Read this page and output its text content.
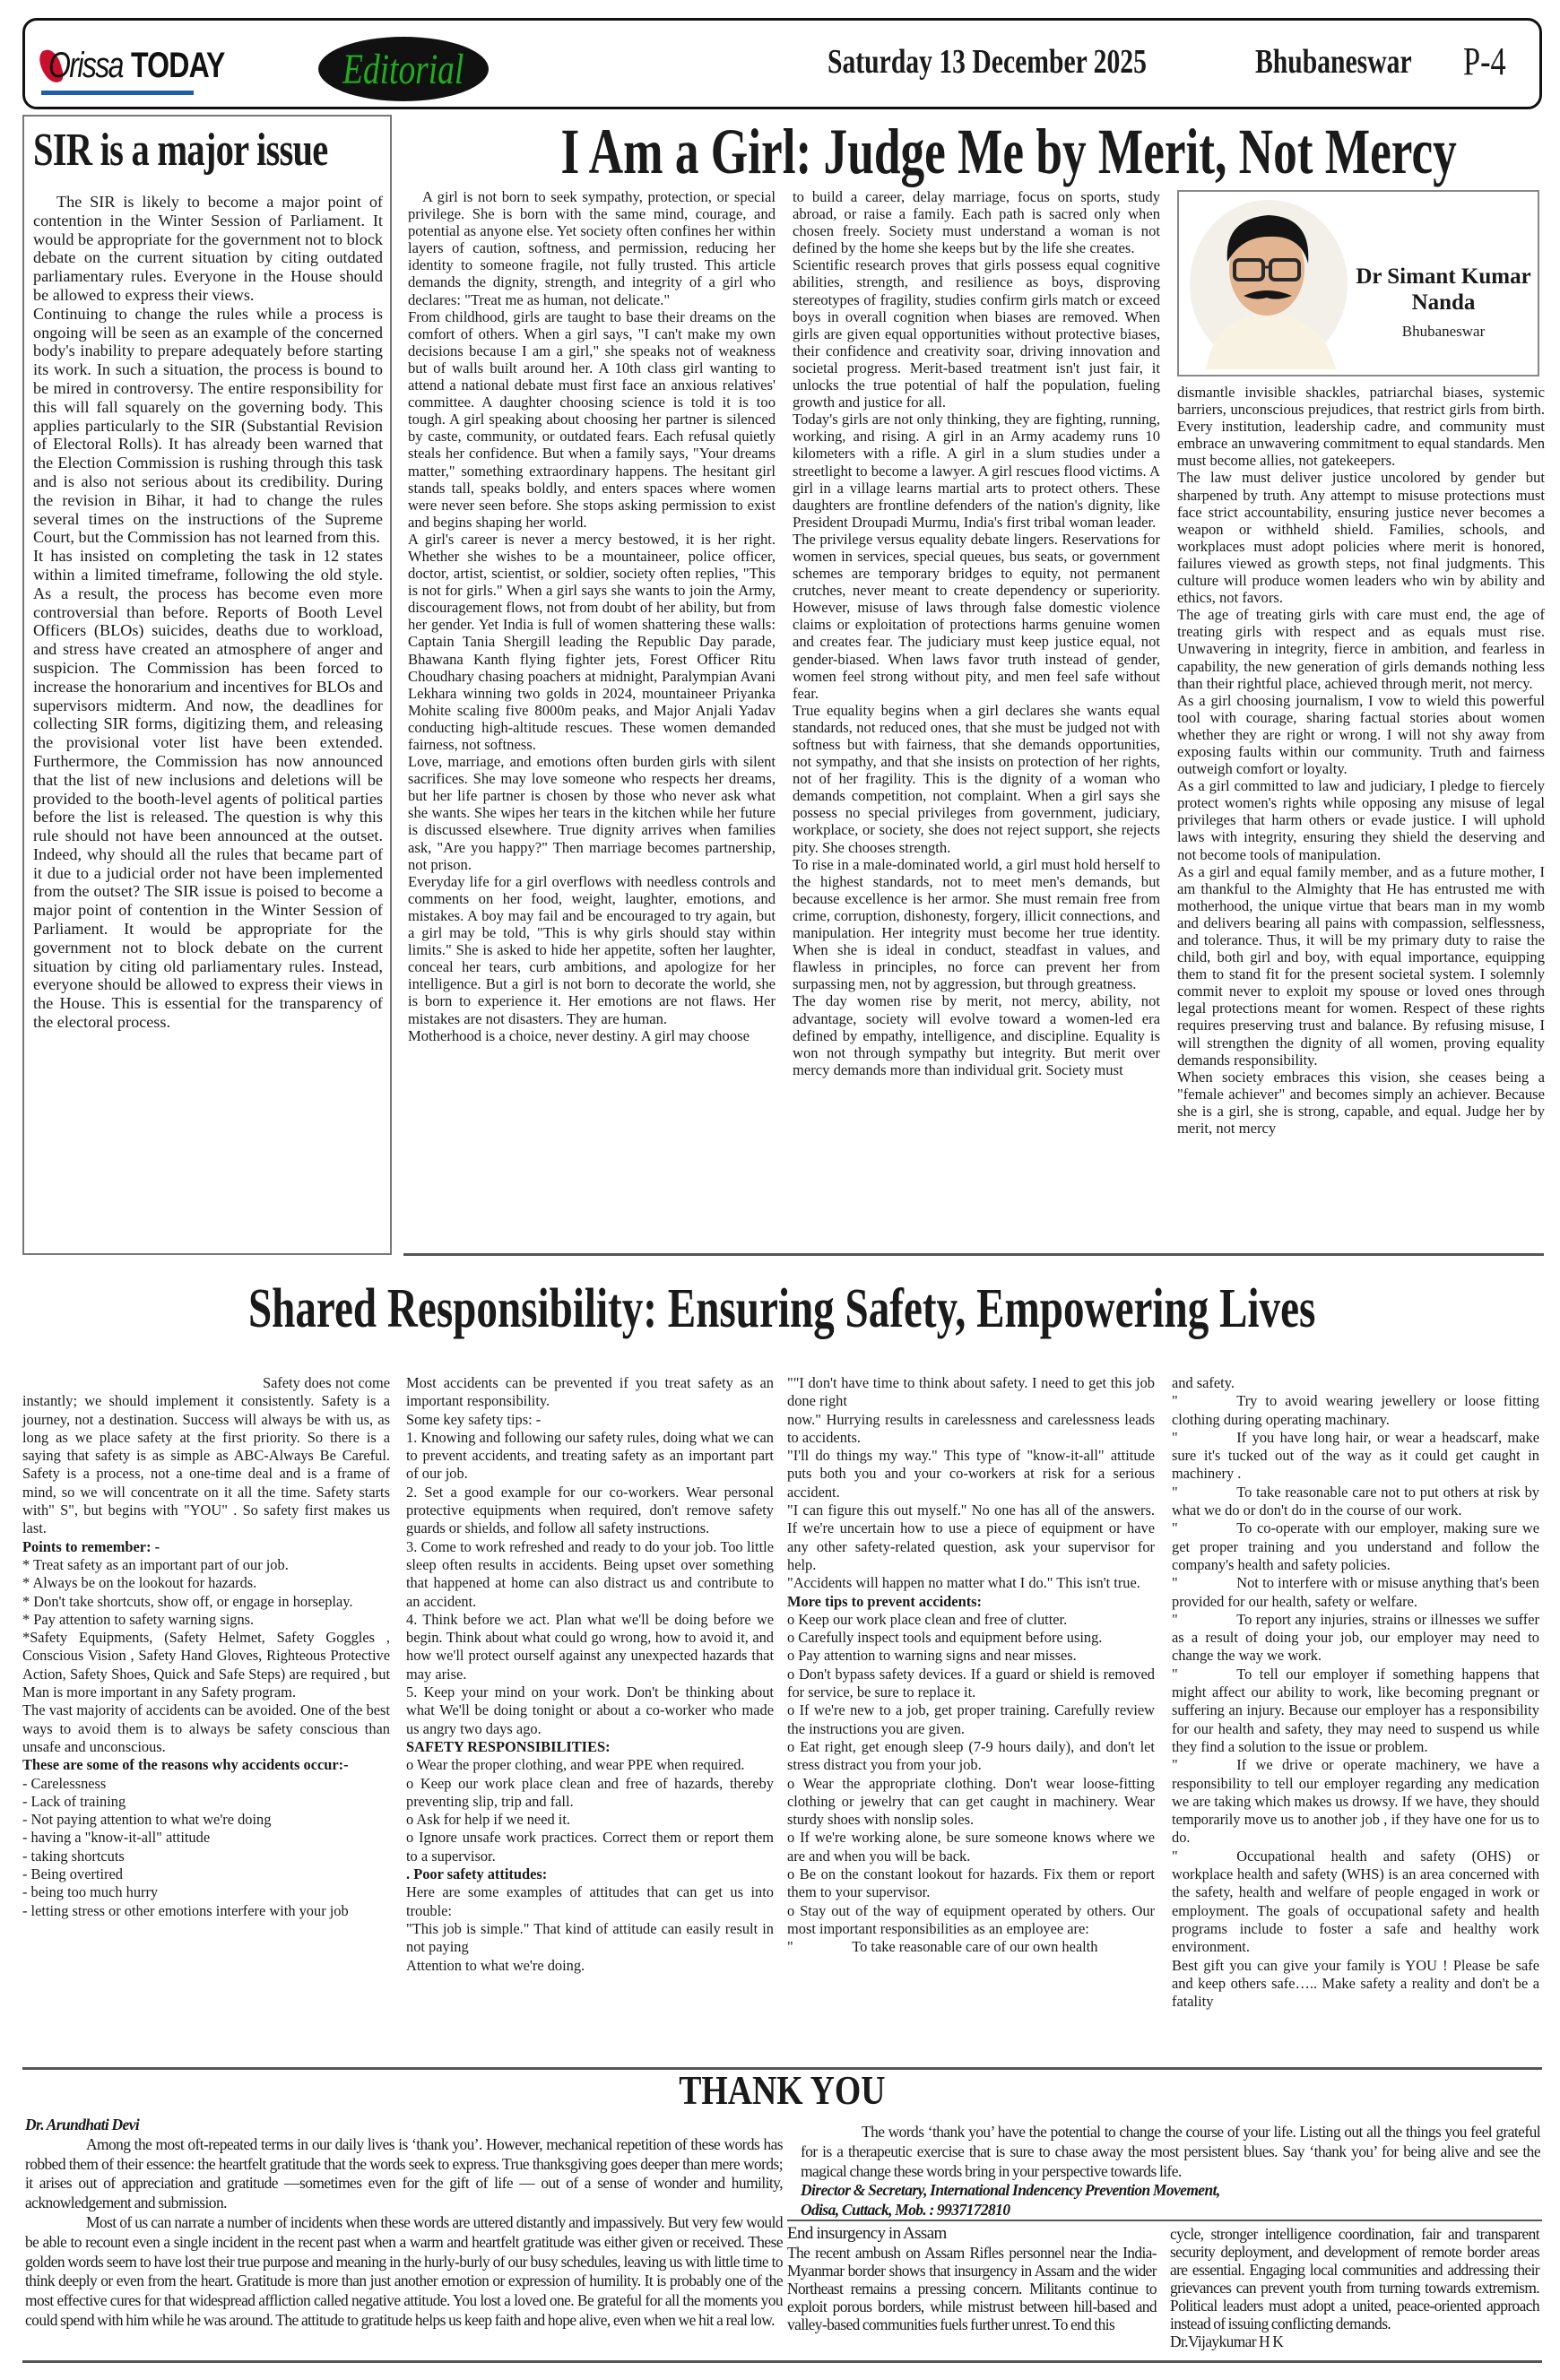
Orissa TODAY	Editorial	Saturday 13 December 2025	Bhubaneswar P-4
SIR is a major issue

The SIR is likely to become a major point of contention in the Winter Session of Parliament. It would be appropriate for the government not to block debate on the current situation by citing outdated parliamentary rules. Everyone in the House should be allowed to express their views.

Continuing to change the rules while a process is ongoing will be seen as an example of the concerned body's inability to prepare adequately before starting its work. In such a situation, the process is bound to be mired in controversy. The entire responsibility for this will fall squarely on the governing body. This applies particularly to the SIR (Substantial Revision of Electoral Rolls). It has already been warned that the Election Commission is rushing through this task and is also not serious about its credibility. During the revision in Bihar, it had to change the rules several times on the instructions of the Supreme Court, but the Commission has not learned from this.

It has insisted on completing the task in 12 states within a limited timeframe, following the old style. As a result, the process has become even more controversial than before. Reports of Booth Level Officers (BLOs) suicides, deaths due to workload, and stress have created an atmosphere of anger and suspicion. The Commission has been forced to increase the honorarium and incentives for BLOs and supervisors midterm. And now, the deadlines for collecting SIR forms, digitizing them, and releasing the provisional voter list have been extended. Furthermore, the Commission has now announced that the list of new inclusions and deletions will be provided to the booth-level agents of political parties before the list is released. The question is why this rule should not have been announced at the outset. Indeed, why should all the rules that became part of it due to a judicial order not have been implemented from the outset? The SIR issue is poised to become a major point of contention in the Winter Session of Parliament. It would be appropriate for the government not to block debate on the current situation by citing old parliamentary rules. Instead, everyone should be allowed to express their views in the House. This is essential for the transparency of the electoral process.

I Am a Girl: Judge Me by Merit, Not Mercy

A girl is not born to seek sympathy, protection, or special privilege. She is born with the same mind, courage, and potential as anyone else. Yet society often confines her within layers of caution, softness, and permission, reducing her identity to someone fragile, not fully trusted. This article demands the dignity, strength, and integrity of a girl who declares: "Treat me as human, not delicate."

From childhood, girls are taught to base their dreams on the comfort of others. When a girl says, "I can't make my own decisions because I am a girl," she speaks not of weakness but of walls built around her. A 10th class girl wanting to attend a national debate must first face an anxious relatives' committee. A daughter choosing science is told it is too tough. A girl speaking about choosing her partner is silenced by caste, community, or outdated fears. Each refusal quietly steals her confidence. But when a family says, "Your dreams matter," something extraordinary happens. The hesitant girl stands tall, speaks boldly, and enters spaces where women were never seen before. She stops asking permission to exist and begins shaping her world.

A girl's career is never a mercy bestowed, it is her right. Whether she wishes to be a mountaineer, police officer, doctor, artist, scientist, or soldier, society often replies, "This is not for girls." When a girl says she wants to join the Army, discouragement flows, not from doubt of her ability, but from her gender. Yet India is full of women shattering these walls: Captain Tania Shergill leading the Republic Day parade, Bhawana Kanth flying fighter jets, Forest Officer Ritu Choudhary chasing poachers at midnight, Paralympian Avani Lekhara winning two golds in 2024, mountaineer Priyanka Mohite scaling five 8000m peaks, and Major Anjali Yadav conducting high-altitude rescues. These women demanded fairness, not softness.

Love, marriage, and emotions often burden girls with silent sacrifices. She may love someone who respects her dreams, but her life partner is chosen by those who never ask what she wants. She wipes her tears in the kitchen while her future is discussed elsewhere. True dignity arrives when families ask, "Are you happy?" Then marriage becomes partnership, not prison.

Everyday life for a girl overflows with needless controls and comments on her food, weight, laughter, emotions, and mistakes. A boy may fail and be encouraged to try again, but a girl may be told, "This is why girls should stay within limits." She is asked to hide her appetite, soften her laughter, conceal her tears, curb ambitions, and apologize for her intelligence. But a girl is not born to decorate the world, she is born to experience it. Her emotions are not flaws. Her mistakes are not disasters. They are human.

Motherhood is a choice, never destiny. A girl may choose

to build a career, delay marriage, focus on sports, study abroad, or raise a family. Each path is sacred only when chosen freely. Society must understand a woman is not defined by the home she keeps but by the life she creates.

Scientific research proves that girls possess equal cognitive abilities, strength, and resilience as boys, disproving stereotypes of fragility, studies confirm girls match or exceed boys in overall cognition when biases are removed. When girls are given equal opportunities without protective biases, their confidence and creativity soar, driving innovation and societal progress. Merit-based treatment isn't just fair, it unlocks the true potential of half the population, fueling growth and justice for all.

Today's girls are not only thinking, they are fighting, running, working, and rising. A girl in an Army academy runs 10 kilometers with a rifle. A girl in a slum studies under a streetlight to become a lawyer. A girl rescues flood victims. A girl in a village learns martial arts to protect others. These daughters are frontline defenders of the nation's dignity, like President Droupadi Murmu, India's first tribal woman leader.

The privilege versus equality debate lingers. Reservations for women in services, special queues, bus seats, or government schemes are temporary bridges to equity, not permanent crutches, never meant to create dependency or superiority. However, misuse of laws through false domestic violence claims or exploitation of protections harms genuine women and creates fear. The judiciary must keep justice equal, not gender-biased. When laws favor truth instead of gender, women feel strong without pity, and men feel safe without fear.

True equality begins when a girl declares she wants equal standards, not reduced ones, that she must be judged not with softness but with fairness, that she demands opportunities, not sympathy, and that she insists on protection of her rights, not of her fragility. This is the dignity of a woman who demands competition, not complaint. When a girl says she possess no special privileges from government, judiciary, workplace, or society, she does not reject support, she rejects pity. She chooses strength.

To rise in a male-dominated world, a girl must hold herself to the highest standards, not to meet men's demands, but because excellence is her armor. She must remain free from crime, corruption, dishonesty, forgery, illicit connections, and manipulation. Her integrity must become her true identity. When she is ideal in conduct, steadfast in values, and flawless in principles, no force can prevent her from surpassing men, not by aggression, but through greatness.

The day women rise by merit, not mercy, ability, not advantage, society will evolve toward a women-led era defined by empathy, intelligence, and discipline. Equality is won not through sympathy but integrity. But merit over mercy demands more than individual grit. Society must

Dr Simant Kumar Nanda
Bhubaneswar

dismantle invisible shackles, patriarchal biases, systemic barriers, unconscious prejudices, that restrict girls from birth. Every institution, leadership cadre, and community must embrace an unwavering commitment to equal standards. Men must become allies, not gatekeepers.

The law must deliver justice uncolored by gender but sharpened by truth. Any attempt to misuse protections must face strict accountability, ensuring justice never becomes a weapon or withheld shield. Families, schools, and workplaces must adopt policies where merit is honored, failures viewed as growth steps, not final judgments. This culture will produce women leaders who win by ability and ethics, not favors.

The age of treating girls with care must end, the age of treating girls with respect and as equals must rise. Unwavering in integrity, fierce in ambition, and fearless in capability, the new generation of girls demands nothing less than their rightful place, achieved through merit, not mercy.

As a girl choosing journalism, I vow to wield this powerful tool with courage, sharing factual stories about women whether they are right or wrong. I will not shy away from exposing faults within our community. Truth and fairness outweigh comfort or loyalty.

As a girl committed to law and judiciary, I pledge to fiercely protect women's rights while opposing any misuse of legal privileges that harm others or evade justice. I will uphold laws with integrity, ensuring they shield the deserving and not become tools of manipulation.

As a girl and equal family member, and as a future mother, I am thankful to the Almighty that He has entrusted me with motherhood, the unique virtue that bears man in my womb and delivers bearing all pains with compassion, selflessness, and tolerance. Thus, it will be my primary duty to raise the child, both girl and boy, with equal importance, equipping them to stand fit for the present societal system. I solemnly commit never to exploit my spouse or loved ones through legal protections meant for women. Respect of these rights requires preserving trust and balance. By refusing misuse, I will strengthen the dignity of all women, proving equality demands responsibility.

When society embraces this vision, she ceases being a "female achiever" and becomes simply an achiever. Because she is a girl, she is strong, capable, and equal. Judge her by merit, not mercy

Shared Responsibility: Ensuring Safety, Empowering Lives

Safety does not come instantly; we should implement it consistently. Safety is a journey, not a destination. Success will always be with us, as long as we place safety at the first priority. So there is a saying that safety is as simple as ABC-Always Be Careful. Safety is a process, not a one-time deal and is a frame of mind, so we will concentrate on it all the time. Safety starts with" S", but begins with "YOU" . So safety first makes us last.

Points to remember: -

* Treat safety as an important part of our job.

* Always be on the lookout for hazards.

* Don't take shortcuts, show off, or engage in horseplay.

* Pay attention to safety warning signs.

*Safety Equipments, (Safety Helmet, Safety Goggles , Conscious Vision , Safety Hand Gloves, Righteous Protective Action, Safety Shoes, Quick and Safe Steps) are required , but Man is more important in any Safety program.

The vast majority of accidents can be avoided. One of the best ways to avoid them is to always be safety conscious than unsafe and unconscious.

These are some of the reasons why accidents occur:-

- Carelessness

- Lack of training

- Not paying attention to what we're doing

- having a "know-it-all" attitude

- taking shortcuts

- Being overtired

- being too much hurry

- letting stress or other emotions interfere with your job

Most accidents can be prevented if you treat safety as an important responsibility.

Some key safety tips: -

1. Knowing and following our safety rules, doing what we can to prevent accidents, and treating safety as an important part of our job.

2. Set a good example for our co-workers. Wear personal protective equipments when required, don't remove safety guards or shields, and follow all safety instructions.

3. Come to work refreshed and ready to do your job. Too little sleep often results in accidents. Being upset over something that happened at home can also distract us and contribute to an accident.

4. Think before we act. Plan what we'll be doing before we begin. Think about what could go wrong, how to avoid it, and how we'll protect ourself against any unexpected hazards that may arise.

5. Keep your mind on your work. Don't be thinking about what We'll be doing tonight or about a co-worker who made us angry two days ago.

SAFETY RESPONSIBILITIES:

o Wear the proper clothing, and wear PPE when required.

o Keep our work place clean and free of hazards, thereby preventing slip, trip and fall.

o Ask for help if we need it.

o Ignore unsafe work practices. Correct them or report them to a supervisor.

. Poor safety attitudes:

Here are some examples of attitudes that can get us into trouble:

"This job is simple." That kind of attitude can easily result in not paying

Attention to what we're doing.

""I don't have time to think about safety. I need to get this job done right

now." Hurrying results in carelessness and carelessness leads to accidents.

"I'll do things my way." This type of "know-it-all" attitude puts both you and your co-workers at risk for a serious accident.

"I can figure this out myself." No one has all of the answers. If we're uncertain how to use a piece of equipment or have any other safety-related question, ask your supervisor for help.

"Accidents will happen no matter what I do." This isn't true.

More tips to prevent accidents:

o Keep our work place clean and free of clutter.

o Carefully inspect tools and equipment before using.

o Pay attention to warning signs and near misses.

o Don't bypass safety devices. If a guard or shield is removed for service, be sure to replace it.

o If we're new to a job, get proper training. Carefully review the instructions you are given.

o Eat right, get enough sleep (7-9 hours daily), and don't let stress distract you from your job.

o Wear the appropriate clothing. Don't wear loose-fitting clothing or jewelry that can get caught in machinery. Wear sturdy shoes with nonslip soles.

o If we're working alone, be sure someone knows where we are and when you will be back.

o Be on the constant lookout for hazards. Fix them or report them to your supervisor.

o Stay out of the way of equipment operated by others. Our most important responsibilities as an employee are:

"    To take reasonable care of our own health

and safety.

"    Try to avoid wearing jewellery or loose fitting clothing during operating machinary.

"    If you have long hair, or wear a headscarf, make sure it's tucked out of the way as it could get caught in machinery .

"    To take reasonable care not to put others at risk by what we do or don't do in the course of our work.

"    To co-operate with our employer, making sure we get proper training and you understand and follow the company's health and safety policies.

"    Not to interfere with or misuse anything that's been provided for our health, safety or welfare.

"    To report any injuries, strains or illnesses we suffer as a result of doing your job, our employer may need to change the way we work.

"    To tell our employer if something happens that might affect our ability to work, like becoming pregnant or suffering an injury. Because our employer has a responsibility for our health and safety, they may need to suspend us while they find a solution to the issue or problem.

"    If we drive or operate machinery, we have a responsibility to tell our employer regarding any medication we are taking which makes us drowsy. If we have, they should temporarily move us to another job , if they have one for us to do.

"    Occupational health and safety (OHS) or workplace health and safety (WHS) is an area concerned with the safety, health and welfare of people engaged in work or employment. The goals of occupational safety and health programs include to foster a safe and healthy work environment.

Best gift you can give your family is YOU ! Please be safe and keep others safe….. Make safety a reality and don't be a fatality

THANK YOU

Dr. Arundhati Devi

Among the most oft-repeated terms in our daily lives is ‘thank you’. However, mechanical repetition of these words has robbed them of their essence: the heartfelt gratitude that the words seek to express. True thanksgiving goes deeper than mere words; it arises out of appreciation and gratitude —sometimes even for the gift of life — out of a sense of wonder and humility, acknowledgement and submission.

Most of us can narrate a number of incidents when these words are uttered distantly and impassively. But very few would be able to recount even a single incident in the recent past when a warm and heartfelt gratitude was either given or received. These golden words seem to have lost their true purpose and meaning in the hurly-burly of our busy schedules, leaving us with little time to think deeply or even from the heart. Gratitude is more than just another emotion or expression of humility. It is probably one of the most effective cures for that widespread affliction called negative attitude. You lost a loved one. Be grateful for all the moments you could spend with him while he was around. The attitude to gratitude helps us keep faith and hope alive, even when we hit a real low.

The words ‘thank you’ have the potential to change the course of your life. Listing out all the things you feel grateful for is a therapeutic exercise that is sure to chase away the most persistent blues. Say ‘thank you’ for being alive and see the magical change these words bring in your perspective towards life.

Director & Secretary, International Indencency Prevention Movement,

Odisa, Cuttack, Mob. : 9937172810

End insurgency in Assam

The recent ambush on Assam Rifles personnel near the India-Myanmar border shows that insurgency in Assam and the wider Northeast remains a pressing concern. Militants continue to exploit porous borders, while mistrust between hill-based and valley-based communities fuels further unrest. To end this

cycle, stronger intelligence coordination, fair and transparent security deployment, and development of remote border areas are essential. Engaging local communities and addressing their grievances can prevent youth from turning towards extremism. Political leaders must adopt a united, peace-oriented approach instead of issuing conflicting demands.

Dr.Vijaykumar H K
